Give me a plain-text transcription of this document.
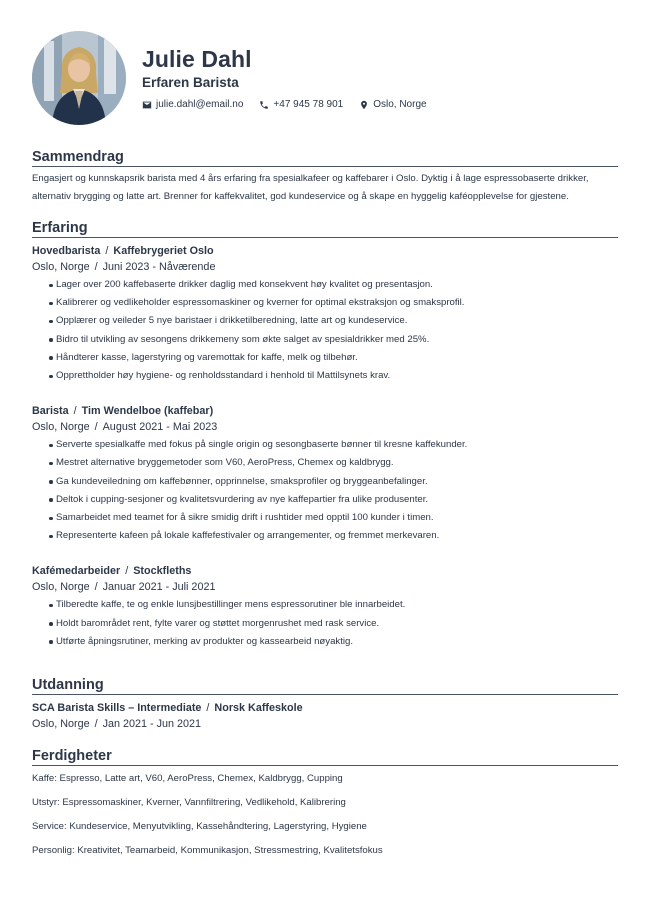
Julie Dahl
Erfaren Barista
julie.dahl@email.no	+47 945 78 901	Oslo, Norge
Sammendrag
Engasjert og kunnskapsrik barista med 4 års erfaring fra spesialkafeer og kaffebarer i Oslo. Dyktig i å lage espressobaserte drikker, alternativ brygging og latte art. Brenner for kaffekvalitet, god kundeservice og å skape en hyggelig kaféopplevelse for gjestene.
Erfaring
Hovedbarista / Kaffebrygeriet Oslo
Oslo, Norge / Juni 2023 - Nåværende
Lager over 200 kaffebaserte drikker daglig med konsekvent høy kvalitet og presentasjon.
Kalibrerer og vedlikeholder espressomaskiner og kverner for optimal ekstraksjon og smaksprofil.
Opplærer og veileder 5 nye baristaer i drikketilberedning, latte art og kundeservice.
Bidro til utvikling av sesongens drikkemeny som økte salget av spesialdrikker med 25%.
Håndterer kasse, lagerstyring og varemottak for kaffe, melk og tilbehør.
Opprettholder høy hygiene- og renholdsstandard i henhold til Mattilsynets krav.
Barista / Tim Wendelboe (kaffebar)
Oslo, Norge / August 2021 - Mai 2023
Serverte spesialkaffe med fokus på single origin og sesongbaserte bønner til kresne kaffekunder.
Mestret alternative bryggemetoder som V60, AeroPress, Chemex og kaldbrygg.
Ga kundeveiledning om kaffebønner, opprinnelse, smaksprofiler og bryggeanbefalinger.
Deltok i cupping-sesjoner og kvalitetsvurdering av nye kaffepartier fra ulike produsenter.
Samarbeidet med teamet for å sikre smidig drift i rushtider med opptil 100 kunder i timen.
Representerte kafeen på lokale kaffefestivaler og arrangementer, og fremmet merkevaren.
Kafémedarbeider / Stockfleths
Oslo, Norge / Januar 2021 - Juli 2021
Tilberedte kaffe, te og enkle lunsjbestillinger mens espressorutiner ble innarbeidet.
Holdt barområdet rent, fylte varer og støttet morgenrushet med rask service.
Utførte åpningsrutiner, merking av produkter og kassearbeid nøyaktig.
Utdanning
SCA Barista Skills – Intermediate / Norsk Kaffeskole
Oslo, Norge / Jan 2021 - Jun 2021
Ferdigheter
Kaffe: Espresso, Latte art, V60, AeroPress, Chemex, Kaldbrygg, Cupping
Utstyr: Espressomaskiner, Kverner, Vannfiltrering, Vedlikehold, Kalibrering
Service: Kundeservice, Menyutvikling, Kassehåndtering, Lagerstyring, Hygiene
Personlig: Kreativitet, Teamarbeid, Kommunikasjon, Stressmestring, Kvalitetsfokus
